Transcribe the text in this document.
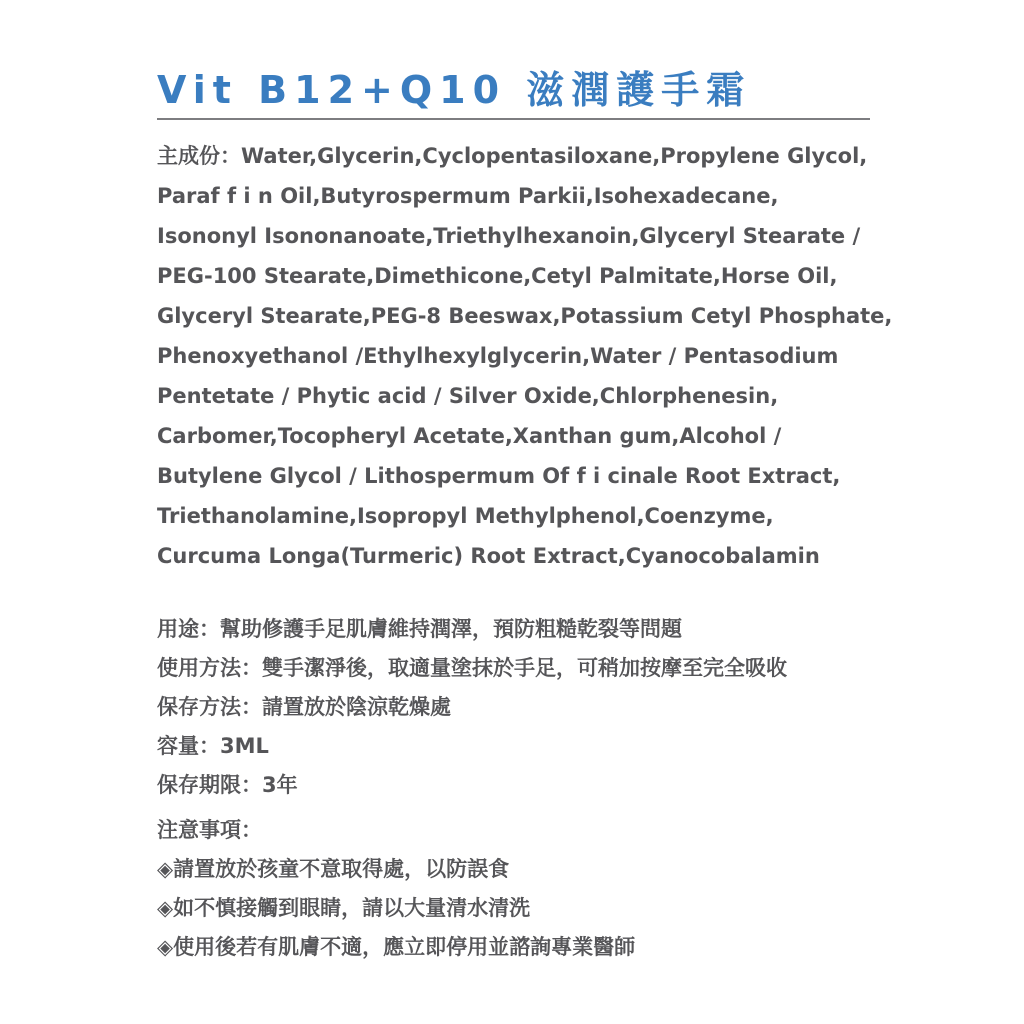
Vit B12+Q10 滋潤護手霜
主成份：Water,Glycerin,Cyclopentasiloxane,Propylene Glycol,
Paraf f i n Oil,Butyrospermum Parkii,Isohexadecane,
Isononyl Isononanoate,Triethylhexanoin,Glyceryl Stearate /
PEG-100 Stearate,Dimethicone,Cetyl Palmitate,Horse Oil,
Glyceryl Stearate,PEG-8 Beeswax,Potassium Cetyl Phosphate,
Phenoxyethanol /Ethylhexylglycerin,Water / Pentasodium
Pentetate / Phytic acid / Silver Oxide,Chlorphenesin,
Carbomer,Tocopheryl Acetate,Xanthan gum,Alcohol /
Butylene Glycol / Lithospermum Of f i cinale Root Extract,
Triethanolamine,Isopropyl Methylphenol,Coenzyme,
Curcuma Longa(Turmeric) Root Extract,Cyanocobalamin
用途：幫助修護手足肌膚維持潤澤，預防粗糙乾裂等問題
使用方法：雙手潔淨後，取適量塗抹於手足，可稍加按摩至完全吸收
保存方法：請置放於陰涼乾燥處
容量：3ML
保存期限：3年
注意事項：
◈請置放於孩童不意取得處，以防誤食
◈如不慎接觸到眼睛，請以大量清水清洗
◈使用後若有肌膚不適，應立即停用並諮詢專業醫師
